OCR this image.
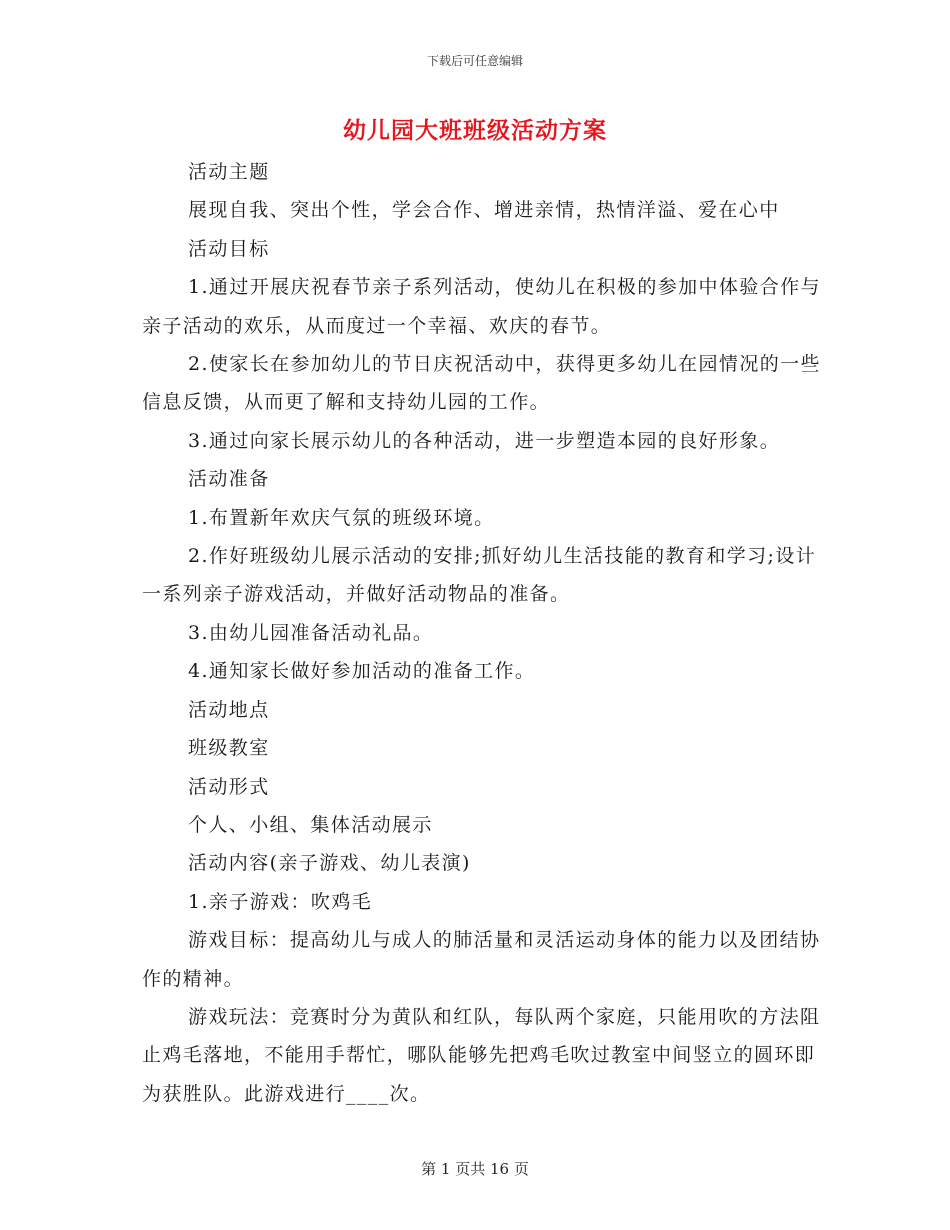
下载后可任意编辑
幼儿园大班班级活动方案

活动主题

展现自我、突出个性，学会合作、增进亲情，热情洋溢、爱在心中

活动目标

1.通过开展庆祝春节亲子系列活动，使幼儿在积极的参加中体验合作与亲子活动的欢乐，从而度过一个幸福、欢庆的春节。

2.使家长在参加幼儿的节日庆祝活动中，获得更多幼儿在园情况的一些信息反馈，从而更了解和支持幼儿园的工作。

3.通过向家长展示幼儿的各种活动，进一步塑造本园的良好形象。

活动准备

1.布置新年欢庆气氛的班级环境。

2.作好班级幼儿展示活动的安排;抓好幼儿生活技能的教育和学习;设计一系列亲子游戏活动，并做好活动物品的准备。

3.由幼儿园准备活动礼品。

4.通知家长做好参加活动的准备工作。

活动地点

班级教室

活动形式

个人、小组、集体活动展示

活动内容(亲子游戏、幼儿表演)

1.亲子游戏：吹鸡毛

游戏目标：提高幼儿与成人的肺活量和灵活运动身体的能力以及团结协作的精神。

游戏玩法：竞赛时分为黄队和红队，每队两个家庭，只能用吹的方法阻止鸡毛落地，不能用手帮忙，哪队能够先把鸡毛吹过教室中间竖立的圆环即为获胜队。此游戏进行____次。

第 1 页共 16 页
